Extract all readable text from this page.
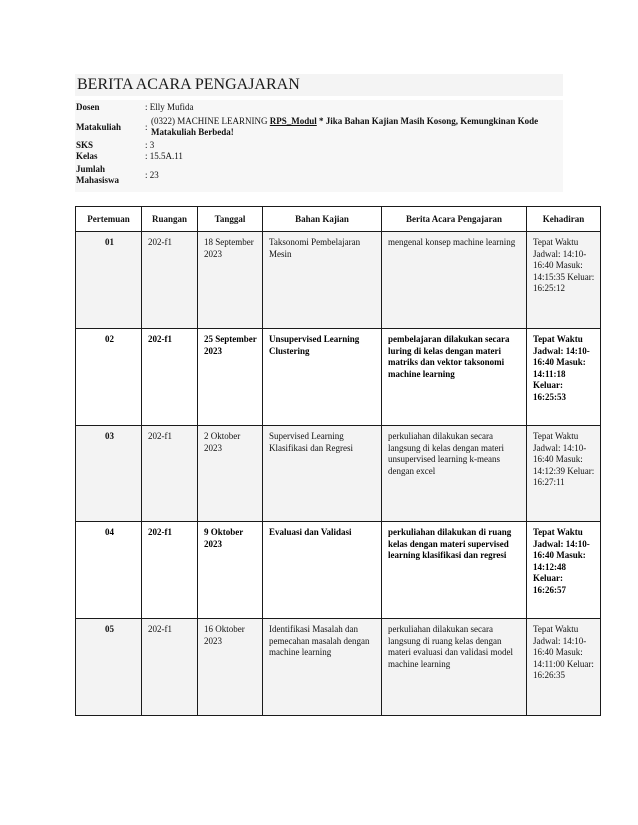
BERITA ACARA PENGAJARAN
Dosen	: Elly Mufida
Matakuliah	:
(0322) MACHINE LEARNING RPS_Modul * Jika Bahan Kajian Masih Kosong, Kemungkinan Kode Matakuliah Berbeda!
SKS	: 3
Kelas	: 15.5A.11
Jumlah Mahasiswa	: 23
Pertemuan	Ruangan	Tanggal	Bahan Kajian	Berita Acara Pengajaran	Kehadiran
01	202-f1	18 September 2023	Taksonomi Pembelajaran Mesin	mengenal konsep machine learning	Tepat Waktu Jadwal: 14:10-16:40 Masuk: 14:15:35 Keluar: 16:25:12
02	202-f1	25 September 2023	Unsupervised Learning Clustering	pembelajaran dilakukan secara luring di kelas dengan materi matriks dan vektor taksonomi machine learning	Tepat Waktu Jadwal: 14:10-16:40 Masuk: 14:11:18 Keluar: 16:25:53
03	202-f1	2 Oktober 2023	Supervised Learning Klasifikasi dan Regresi	perkuliahan dilakukan secara langsung di kelas dengan materi unsupervised learning k-means dengan excel	Tepat Waktu Jadwal: 14:10-16:40 Masuk: 14:12:39 Keluar: 16:27:11
04	202-f1	9 Oktober 2023	Evaluasi dan Validasi	perkuliahan dilakukan di ruang kelas dengan materi supervised learning klasifikasi dan regresi	Tepat Waktu Jadwal: 14:10-16:40 Masuk: 14:12:48 Keluar: 16:26:57
05	202-f1	16 Oktober 2023	Identifikasi Masalah dan pemecahan masalah dengan machine learning	perkuliahan dilakukan secara langsung di ruang kelas dengan materi evaluasi dan validasi model machine learning	Tepat Waktu Jadwal: 14:10-16:40 Masuk: 14:11:00 Keluar: 16:26:35
